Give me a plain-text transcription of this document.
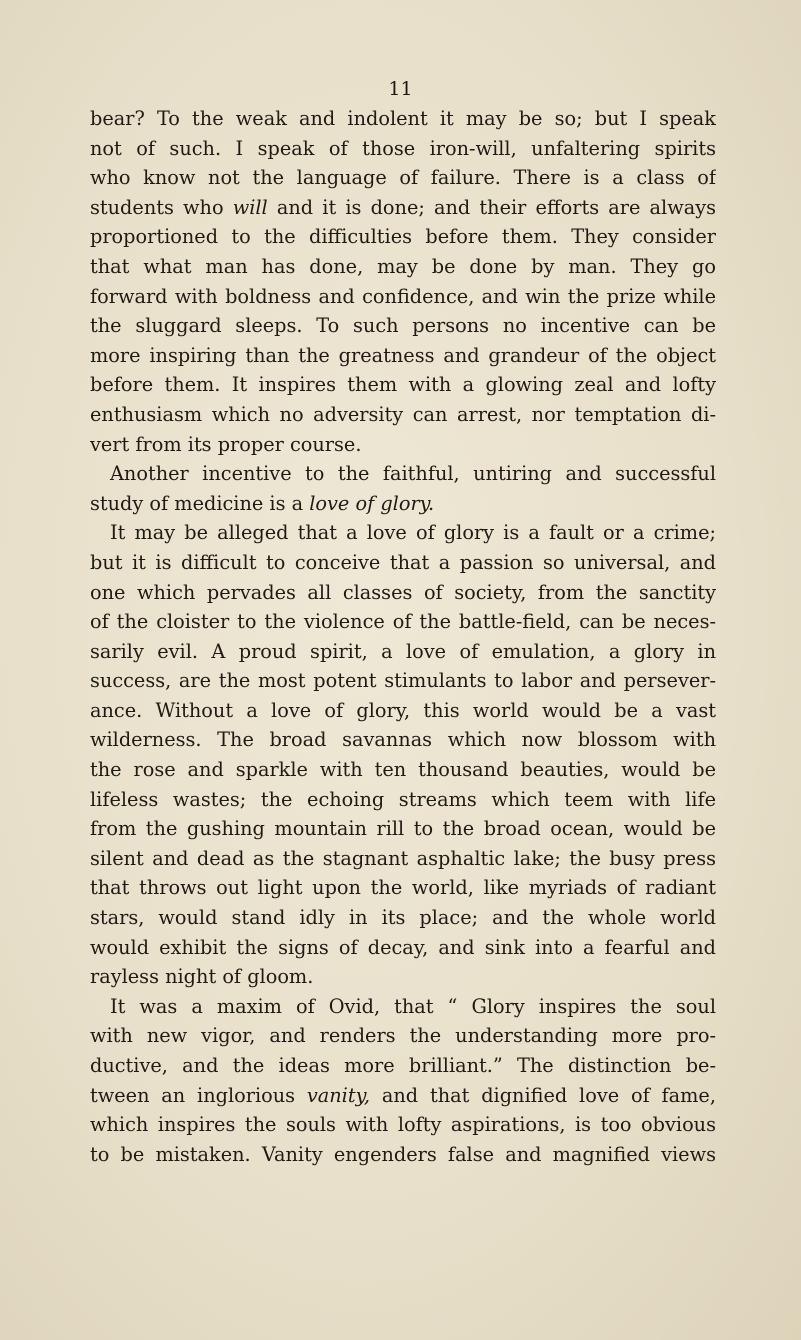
11
bear? To the weak and indolent it may be so; but I speak
not of such. I speak of those iron-will, unfaltering spirits
who know not the language of failure. There is a class of
students who will and it is done; and their efforts are always
proportioned to the difficulties before them. They consider
that what man has done, may be done by man. They go
forward with boldness and confidence, and win the prize while
the sluggard sleeps. To such persons no incentive can be
more inspiring than the greatness and grandeur of the object
before them. It inspires them with a glowing zeal and lofty
enthusiasm which no adversity can arrest, nor temptation di-
vert from its proper course.
Another incentive to the faithful, untiring and successful
study of medicine is a love of glory.
It may be alleged that a love of glory is a fault or a crime;
but it is difficult to conceive that a passion so universal, and
one which pervades all classes of society, from the sanctity
of the cloister to the violence of the battle-field, can be neces-
sarily evil. A proud spirit, a love of emulation, a glory in
success, are the most potent stimulants to labor and persever-
ance. Without a love of glory, this world would be a vast
wilderness. The broad savannas which now blossom with
the rose and sparkle with ten thousand beauties, would be
lifeless wastes; the echoing streams which teem with life
from the gushing mountain rill to the broad ocean, would be
silent and dead as the stagnant asphaltic lake; the busy press
that throws out light upon the world, like myriads of radiant
stars, would stand idly in its place; and the whole world
would exhibit the signs of decay, and sink into a fearful and
rayless night of gloom.
It was a maxim of Ovid, that “ Glory inspires the soul
with new vigor, and renders the understanding more pro-
ductive, and the ideas more brilliant.” The distinction be-
tween an inglorious vanity, and that dignified love of fame,
which inspires the souls with lofty aspirations, is too obvious
to be mistaken. Vanity engenders false and magnified views
